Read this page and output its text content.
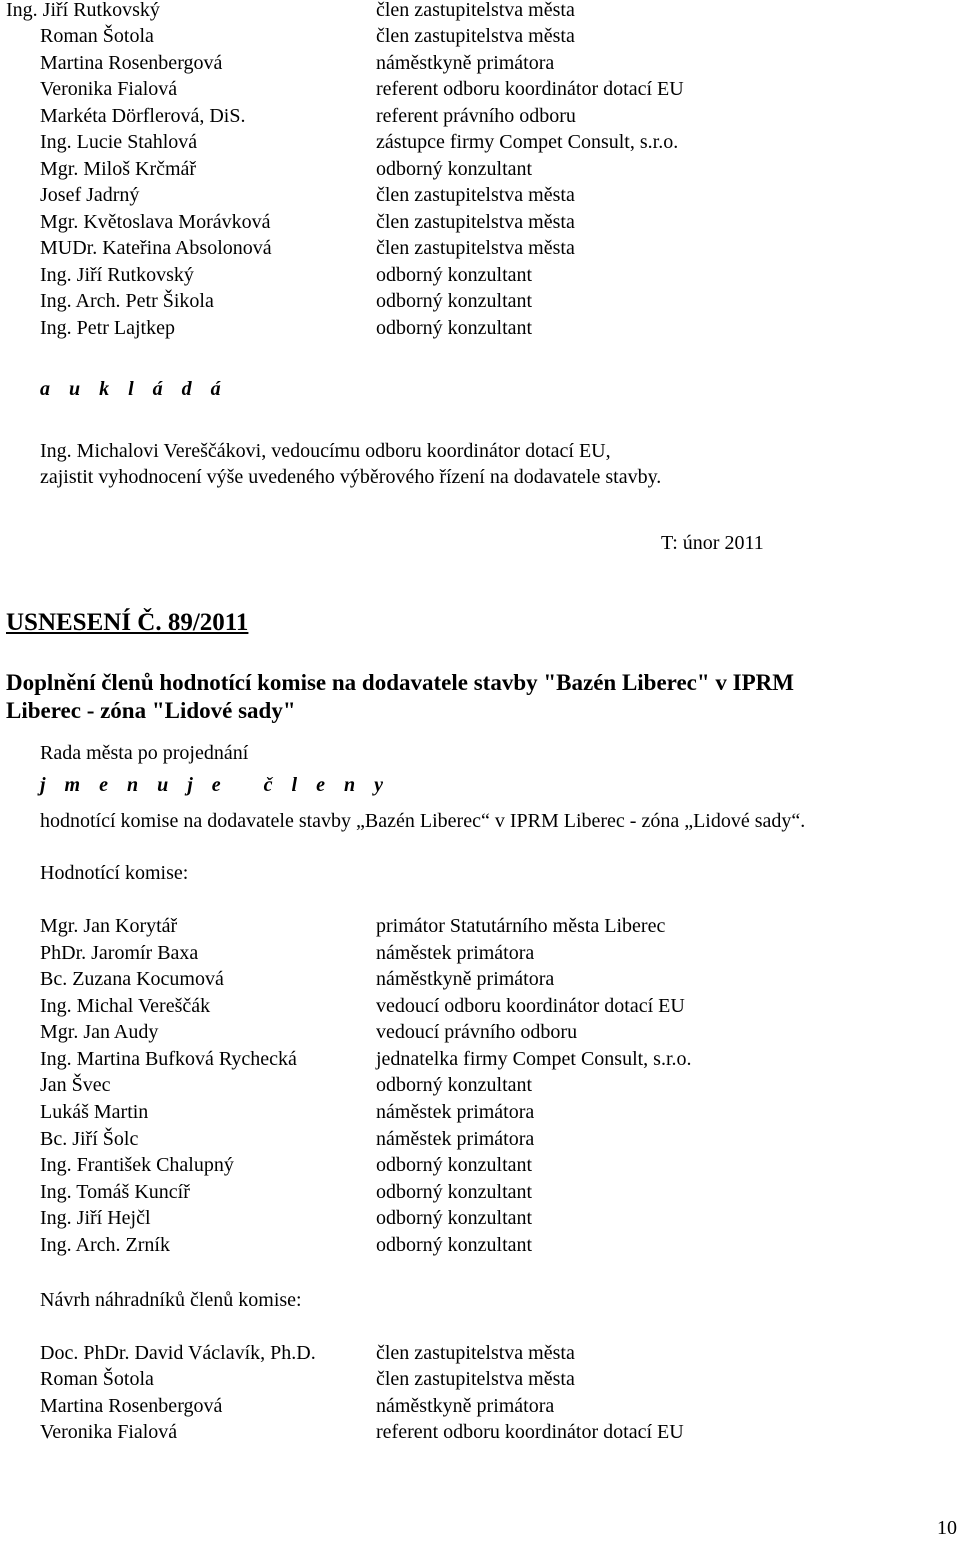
Ing. Jiří Rutkovský	člen zastupitelstva města
Roman Šotola	člen zastupitelstva města
Martina Rosenbergová	náměstkyně primátora
Veronika Fialová	referent odboru koordinátor dotací EU
Markéta Dörflerová, DiS.	referent právního odboru
Ing. Lucie Stahlová	zástupce firmy Compet Consult, s.r.o.
Mgr. Miloš Krčmář	odborný konzultant
Josef Jadrný	člen zastupitelstva města
Mgr. Květoslava Morávková	člen zastupitelstva města
MUDr. Kateřina Absolonová	člen zastupitelstva města
Ing. Jiří Rutkovský	odborný konzultant
Ing. Arch. Petr Šikola	odborný konzultant
Ing. Petr Lajtkep	odborný konzultant
a u k l á d á
Ing. Michalovi Vereščákovi, vedoucímu odboru koordinátor dotací EU,
zajistit vyhodnocení výše uvedeného výběrového řízení na dodavatele stavby.
T: únor 2011
USNESENÍ Č. 89/2011
Doplnění členů hodnotící komise na dodavatele stavby "Bazén Liberec" v IPRM
Liberec - zóna "Lidové sady"
Rada města po projednání
j m e n u j e   č l e n y
hodnotící komise na dodavatele stavby „Bazén Liberec“ v IPRM Liberec - zóna „Lidové sady“.
Hodnotící komise:
Mgr. Jan Korytář	primátor Statutárního města Liberec
PhDr. Jaromír Baxa	náměstek primátora
Bc. Zuzana Kocumová	náměstkyně primátora
Ing. Michal Vereščák	vedoucí odboru koordinátor dotací EU
Mgr. Jan Audy	vedoucí právního odboru
Ing. Martina Bufková Rychecká	jednatelka firmy Compet Consult, s.r.o.
Jan Švec	odborný konzultant
Lukáš Martin	náměstek primátora
Bc. Jiří Šolc	náměstek primátora
Ing. František Chalupný	odborný konzultant
Ing. Tomáš Kuncíř	odborný konzultant
Ing. Jiří Hejčl	odborný konzultant
Ing. Arch. Zrník	odborný konzultant
Návrh náhradníků členů komise:
Doc. PhDr. David Václavík, Ph.D.	člen zastupitelstva města
Roman Šotola	člen zastupitelstva města
Martina Rosenbergová	náměstkyně primátora
Veronika Fialová	referent odboru koordinátor dotací EU
10
